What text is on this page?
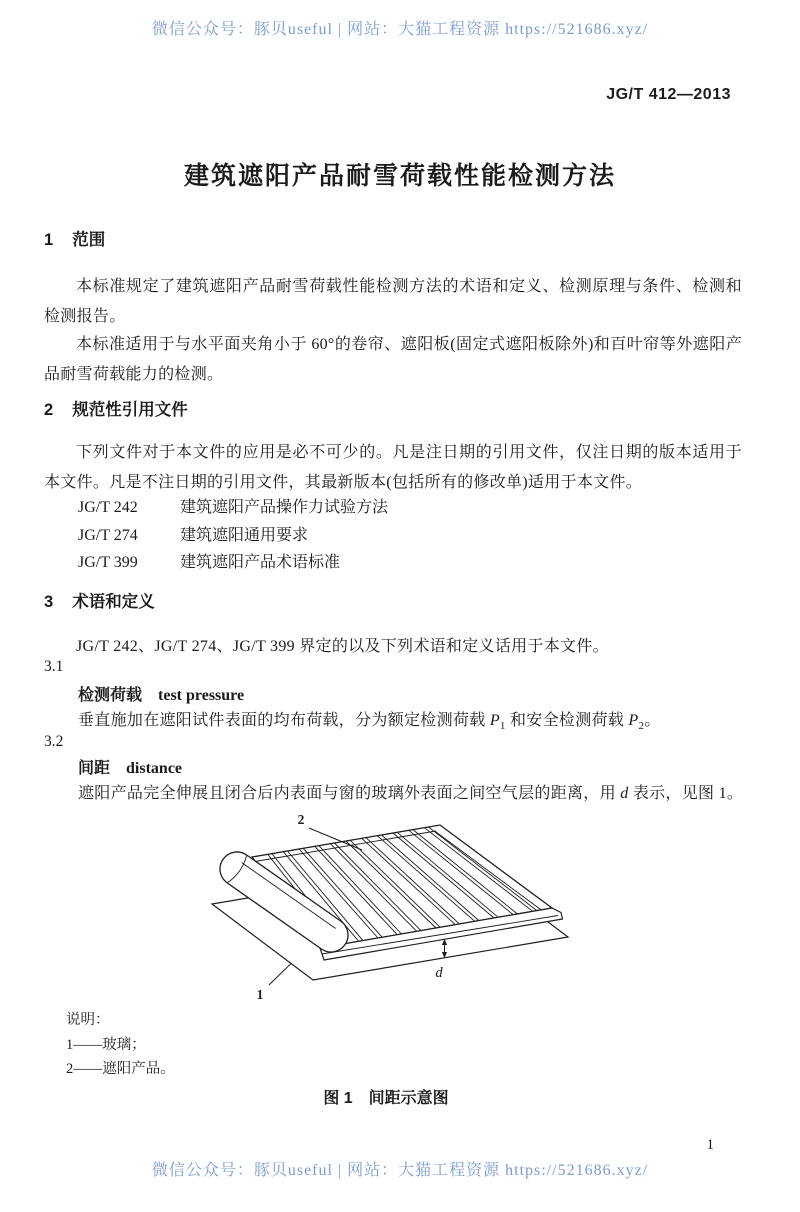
微信公众号：豚贝useful | 网站：大猫工程资源 https://521686.xyz/
JG/T 412—2013
建筑遮阳产品耐雪荷载性能检测方法
1 范围
本标准规定了建筑遮阳产品耐雪荷载性能检测方法的术语和定义、检测原理与条件、检测和检测报告。
本标准适用于与水平面夹角小于 60°的卷帘、遮阳板(固定式遮阳板除外)和百叶帘等外遮阳产品耐雪荷载能力的检测。
2 规范性引用文件
下列文件对于本文件的应用是必不可少的。凡是注日期的引用文件，仅注日期的版本适用于本文件。凡是不注日期的引用文件，其最新版本(包括所有的修改单)适用于本文件。
JG/T 242	建筑遮阳产品操作力试验方法
JG/T 274	建筑遮阳通用要求
JG/T 399	建筑遮阳产品术语标准
3 术语和定义
JG/T 242、JG/T 274、JG/T 399 界定的以及下列术语和定义话用于本文件。
3.1
检测荷载 test pressure
垂直施加在遮阳试件表面的均布荷载，分为额定检测荷载 $P_1$ 和安全检测荷载 $P_2$。
3.2
间距 distance
遮阳产品完全伸展且闭合后内表面与窗的玻璃外表面之间空气层的距离，用 d 表示，见图 1。
2
1
d
说明：
1——玻璃；
2——遮阳产品。
图 1 间距示意图
1
微信公众号：豚贝useful | 网站：大猫工程资源 https://521686.xyz/
